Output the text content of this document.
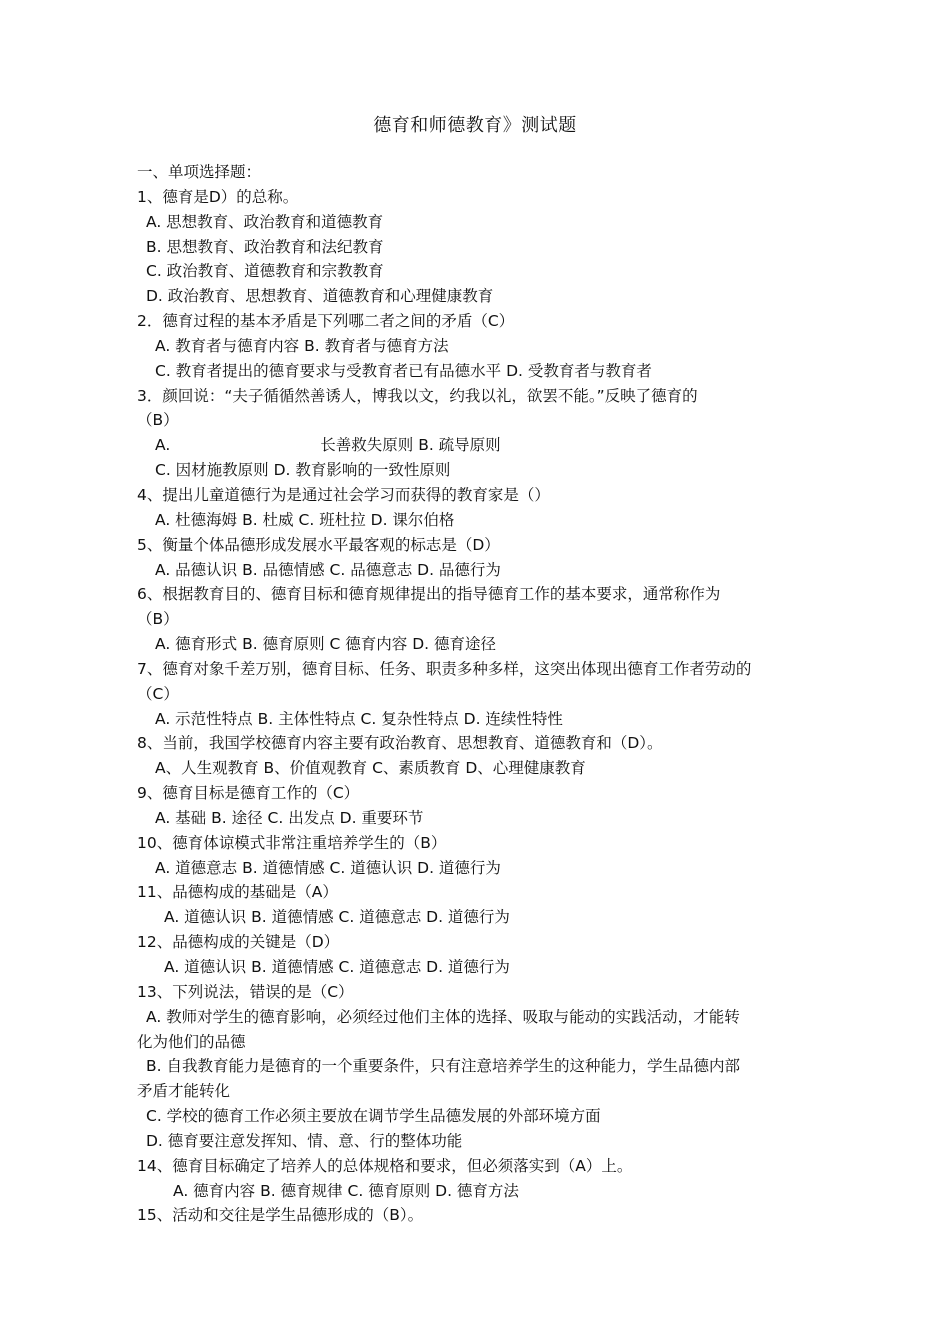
德育和师德教育》测试题
一、单项选择题：
1、德育是D）的总称。
A. 思想教育、政治教育和道德教育
B. 思想教育、政治教育和法纪教育
C. 政治教育、道德教育和宗教教育
D. 政治教育、思想教育、道德教育和心理健康教育
2．德育过程的基本矛盾是下列哪二者之间的矛盾（C）
A. 教育者与德育内容 B. 教育者与德育方法
C. 教育者提出的德育要求与受教育者已有品德水平 D. 受教育者与教育者
3．颜回说：“夫子循循然善诱人，博我以文，约我以礼，欲罢不能。”反映了德育的
（B）
A.	长善救失原则 B. 疏导原则
C. 因材施教原则 D. 教育影响的一致性原则
4、提出儿童道德行为是通过社会学习而获得的教育家是（）
A. 杜德海姆 B. 杜威 C. 班杜拉 D. 课尔伯格
5、衡量个体品德形成发展水平最客观的标志是（D）
A. 品德认识 B. 品德情感 C. 品德意志 D. 品德行为
6、根据教育目的、德育目标和德育规律提出的指导德育工作的基本要求，通常称作为
（B）
A. 德育形式 B. 德育原则 C 德育内容 D. 德育途径
7、德育对象千差万别，德育目标、任务、职责多种多样，这突出体现出德育工作者劳动的
（C）
A. 示范性特点 B. 主体性特点 C. 复杂性特点 D. 连续性特性
8、当前，我国学校德育内容主要有政治教育、思想教育、道德教育和（D）。
A、人生观教育 B、价值观教育 C、素质教育 D、心理健康教育
9、德育目标是德育工作的（C）
A. 基础 B. 途径 C. 出发点 D. 重要环节
10、德育体谅模式非常注重培养学生的（B）
A. 道德意志 B. 道德情感 C. 道德认识 D. 道德行为
11、品德构成的基础是（A）
A. 道德认识 B. 道德情感 C. 道德意志 D. 道德行为
12、品德构成的关键是（D）
A. 道德认识 B. 道德情感 C. 道德意志 D. 道德行为
13、下列说法，错误的是（C）
A. 教师对学生的德育影响，必须经过他们主体的选择、吸取与能动的实践活动，才能转
化为他们的品德
B. 自我教育能力是德育的一个重要条件，只有注意培养学生的这种能力，学生品德内部
矛盾才能转化
C. 学校的德育工作必须主要放在调节学生品德发展的外部环境方面
D. 德育要注意发挥知、情、意、行的整体功能
14、德育目标确定了培养人的总体规格和要求，但必须落实到（A）上。
A. 德育内容 B. 德育规律 C. 德育原则 D. 德育方法
15、活动和交往是学生品德形成的（B）。
